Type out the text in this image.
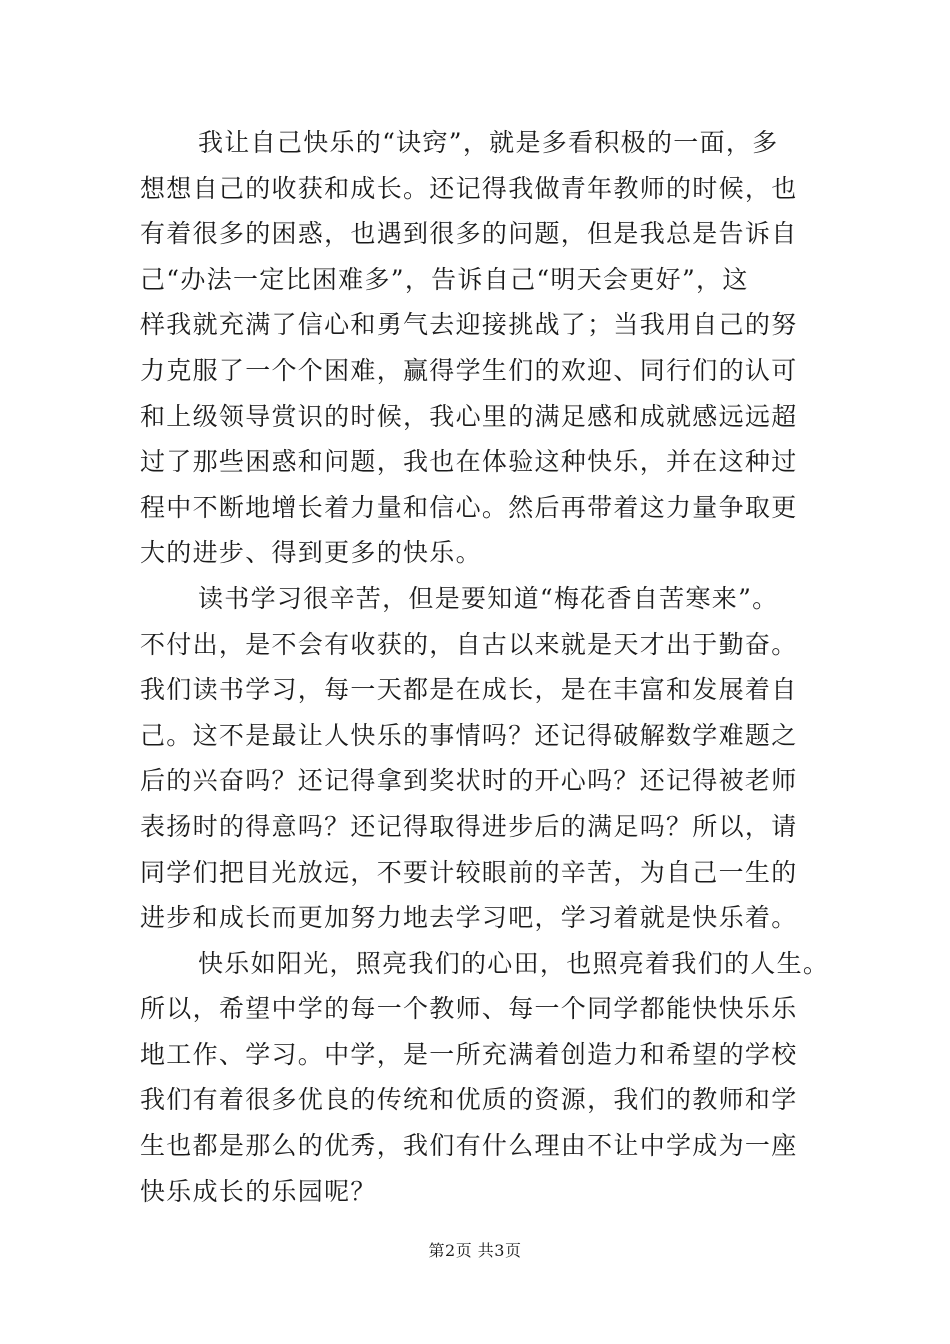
我让自己快乐的“诀窍”，就是多看积极的一面，多
想想自己的收获和成长。还记得我做青年教师的时候，也
有着很多的困惑，也遇到很多的问题，但是我总是告诉自
己“办法一定比困难多”，告诉自己“明天会更好”，这
样我就充满了信心和勇气去迎接挑战了；当我用自己的努
力克服了一个个困难，赢得学生们的欢迎、同行们的认可
和上级领导赏识的时候，我心里的满足感和成就感远远超
过了那些困惑和问题，我也在体验这种快乐，并在这种过
程中不断地增长着力量和信心。然后再带着这力量争取更
大的进步、得到更多的快乐。
读书学习很辛苦，但是要知道“梅花香自苦寒来”。
不付出，是不会有收获的，自古以来就是天才出于勤奋。
我们读书学习，每一天都是在成长，是在丰富和发展着自
己。这不是最让人快乐的事情吗？还记得破解数学难题之
后的兴奋吗？还记得拿到奖状时的开心吗？还记得被老师
表扬时的得意吗？还记得取得进步后的满足吗？所以，请
同学们把目光放远，不要计较眼前的辛苦，为自己一生的
进步和成长而更加努力地去学习吧，学习着就是快乐着。
快乐如阳光，照亮我们的心田，也照亮着我们的人生。
所以，希望中学的每一个教师、每一个同学都能快快乐乐
地工作、学习。中学，是一所充满着创造力和希望的学校
我们有着很多优良的传统和优质的资源，我们的教师和学
生也都是那么的优秀，我们有什么理由不让中学成为一座
快乐成长的乐园呢？
第2页 共3页
